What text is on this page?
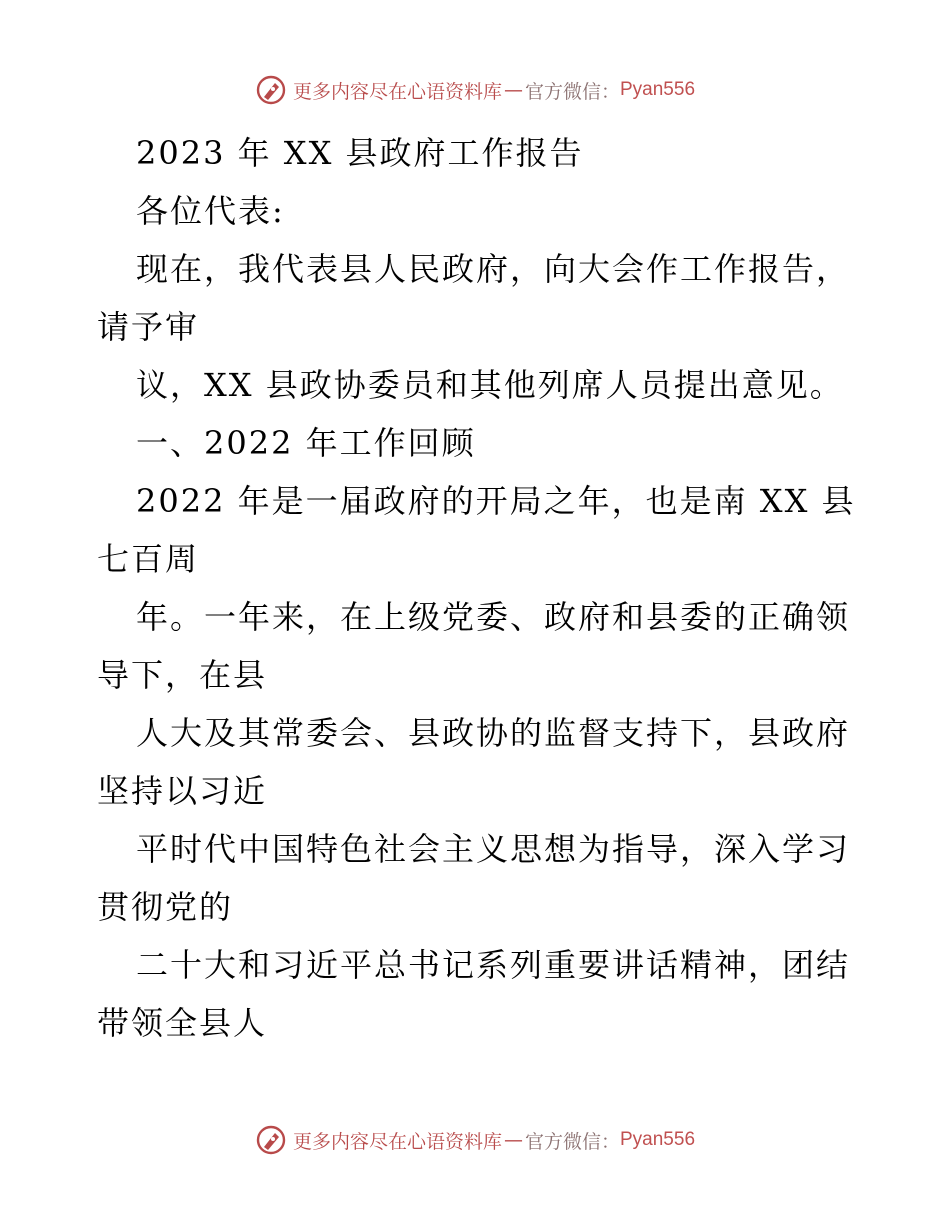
更多内容尽在心语资料库 — 官方微信： Pyan556
2023 年 XX 县政府工作报告
各位代表:
现在，我代表县人民政府，向大会作工作报告，
请予审
议，XX 县政协委员和其他列席人员提出意见。
一、2022 年工作回顾
2022 年是一届政府的开局之年，也是南 XX 县
七百周
年。一年来，在上级党委、政府和县委的正确领
导下，在县
人大及其常委会、县政协的监督支持下，县政府
坚持以习近
平时代中国特色社会主义思想为指导，深入学习
贯彻党的
二十大和习近平总书记系列重要讲话精神，团结
带领全县人
更多内容尽在心语资料库 — 官方微信： Pyan556
